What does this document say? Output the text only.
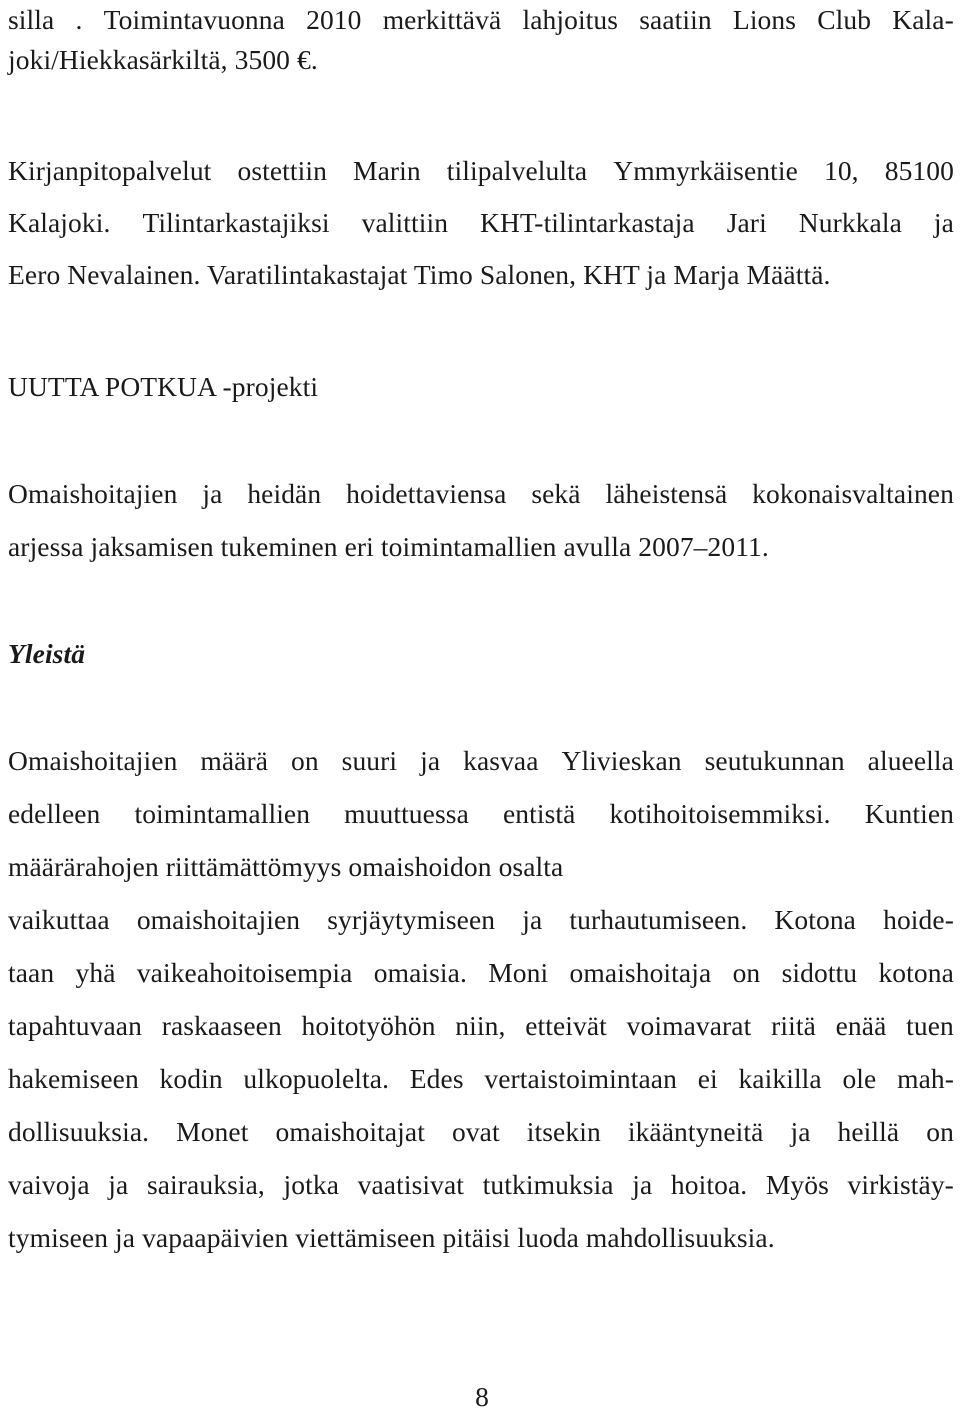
silla . Toimintavuonna 2010 merkittävä lahjoitus saatiin Lions Club Kala-
joki/Hiekkasärkiltä, 3500 €.
Kirjanpitopalvelut ostettiin Marin tilipalvelulta Ymmyrkäisentie 10, 85100
Kalajoki. Tilintarkastajiksi valittiin KHT-tilintarkastaja Jari Nurkkala ja
Eero Nevalainen. Varatilintakastajat Timo Salonen, KHT ja Marja Määttä.
UUTTA POTKUA -projekti
Omaishoitajien ja heidän hoidettaviensa sekä läheistensä kokonaisvaltainen
arjessa jaksamisen tukeminen eri toimintamallien avulla 2007–2011.
Yleistä
Omaishoitajien määrä on suuri ja kasvaa Ylivieskan seutukunnan alueella
edelleen toimintamallien muuttuessa entistä kotihoitoisemmiksi. Kuntien
määrärahojen riittämättömyys omaishoidon osalta
vaikuttaa omaishoitajien syrjäytymiseen ja turhautumiseen. Kotona hoide-
taan yhä vaikeahoitoisempia omaisia. Moni omaishoitaja on sidottu kotona
tapahtuvaan raskaaseen hoitotyöhön niin, etteivät voimavarat riitä enää tuen
hakemiseen kodin ulkopuolelta. Edes vertaistoimintaan ei kaikilla ole mah-
dollisuuksia. Monet omaishoitajat ovat itsekin ikääntyneitä ja heillä on
vaivoja ja sairauksia, jotka vaatisivat tutkimuksia ja hoitoa. Myös virkistäy-
tymiseen ja vapaapäivien viettämiseen pitäisi luoda mahdollisuuksia.
8
